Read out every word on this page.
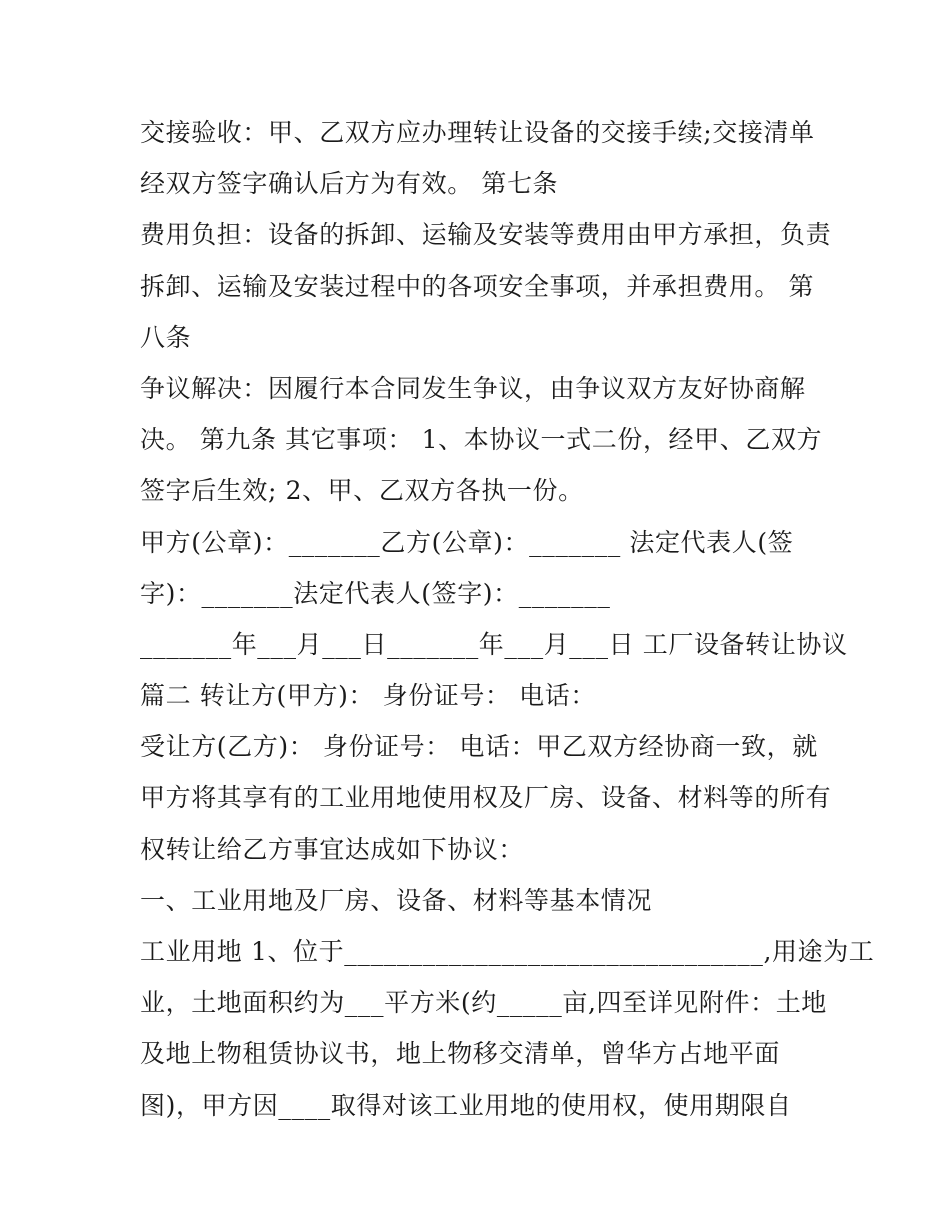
交接验收：甲、乙双方应办理转让设备的交接手续;交接清单
经双方签字确认后方为有效。 第七条
费用负担：设备的拆卸、运输及安装等费用由甲方承担，负责
拆卸、运输及安装过程中的各项安全事项，并承担费用。 第
八条
争议解决：因履行本合同发生争议，由争议双方友好协商解
决。 第九条 其它事项： 1、本协议一式二份，经甲、乙双方
签字后生效; 2、甲、乙双方各执一份。
甲方(公章)：_______乙方(公章)：_______ 法定代表人(签
字)：_______法定代表人(签字)：_______
_______年___月___日_______年___月___日 工厂设备转让协议
篇二 转让方(甲方)： 身份证号： 电话：
受让方(乙方)： 身份证号： 电话：甲乙双方经协商一致，就
甲方将其享有的工业用地使用权及厂房、设备、材料等的所有
权转让给乙方事宜达成如下协议：
一、工业用地及厂房、设备、材料等基本情况
工业用地 1、位于________________________________,用途为工
业，土地面积约为___平方米(约_____亩,四至详见附件：土地
及地上物租赁协议书，地上物移交清单，曾华方占地平面
图)，甲方因____取得对该工业用地的使用权，使用期限自
